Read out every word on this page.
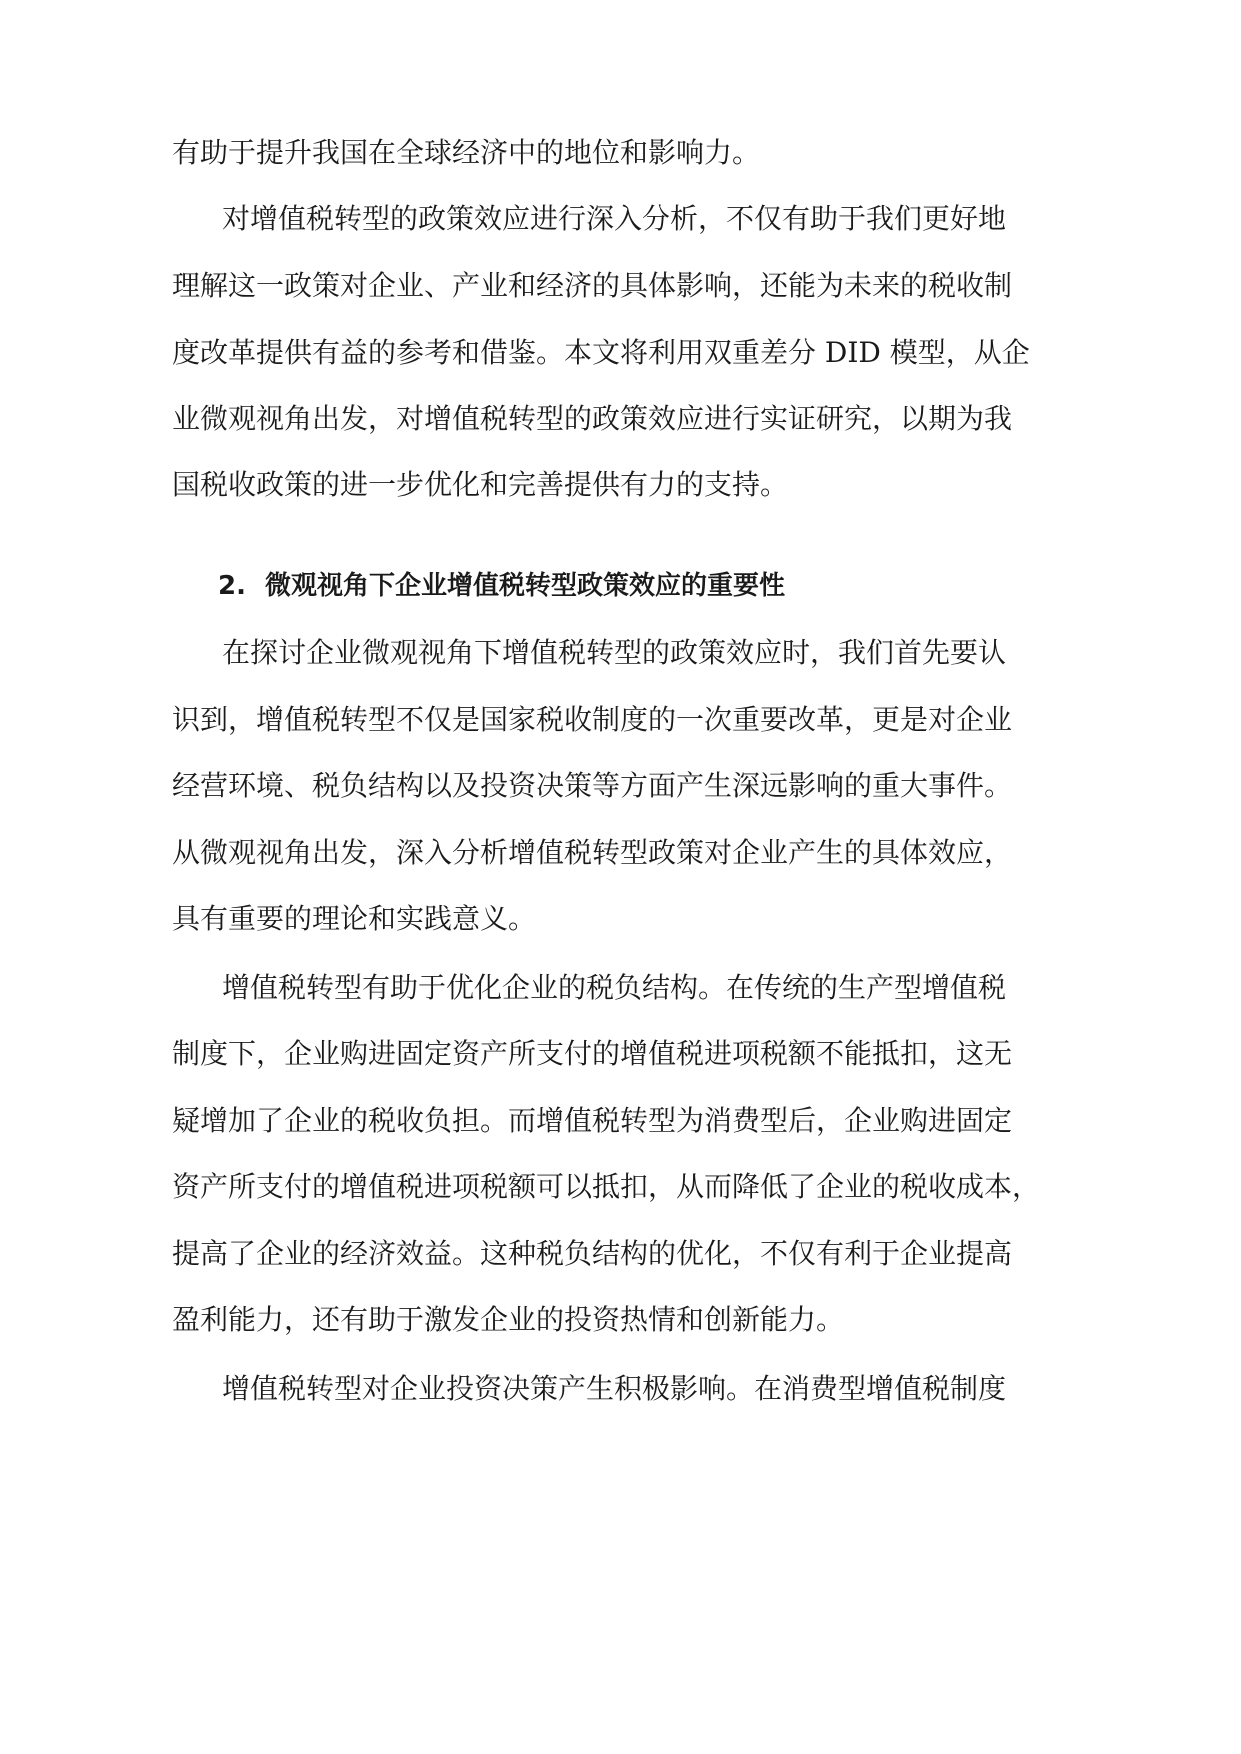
有助于提升我国在全球经济中的地位和影响力。

对增值税转型的政策效应进行深入分析，不仅有助于我们更好地

理解这一政策对企业、产业和经济的具体影响，还能为未来的税收制

度改革提供有益的参考和借鉴。本文将利用双重差分 DID 模型，从企

业微观视角出发，对增值税转型的政策效应进行实证研究，以期为我

国税收政策的进一步优化和完善提供有力的支持。

2. 微观视角下企业增值税转型政策效应的重要性

在探讨企业微观视角下增值税转型的政策效应时，我们首先要认

识到，增值税转型不仅是国家税收制度的一次重要改革，更是对企业

经营环境、税负结构以及投资决策等方面产生深远影响的重大事件。

从微观视角出发，深入分析增值税转型政策对企业产生的具体效应，

具有重要的理论和实践意义。

增值税转型有助于优化企业的税负结构。在传统的生产型增值税

制度下，企业购进固定资产所支付的增值税进项税额不能抵扣，这无

疑增加了企业的税收负担。而增值税转型为消费型后，企业购进固定

资产所支付的增值税进项税额可以抵扣，从而降低了企业的税收成本，

提高了企业的经济效益。这种税负结构的优化，不仅有利于企业提高

盈利能力，还有助于激发企业的投资热情和创新能力。

增值税转型对企业投资决策产生积极影响。在消费型增值税制度
